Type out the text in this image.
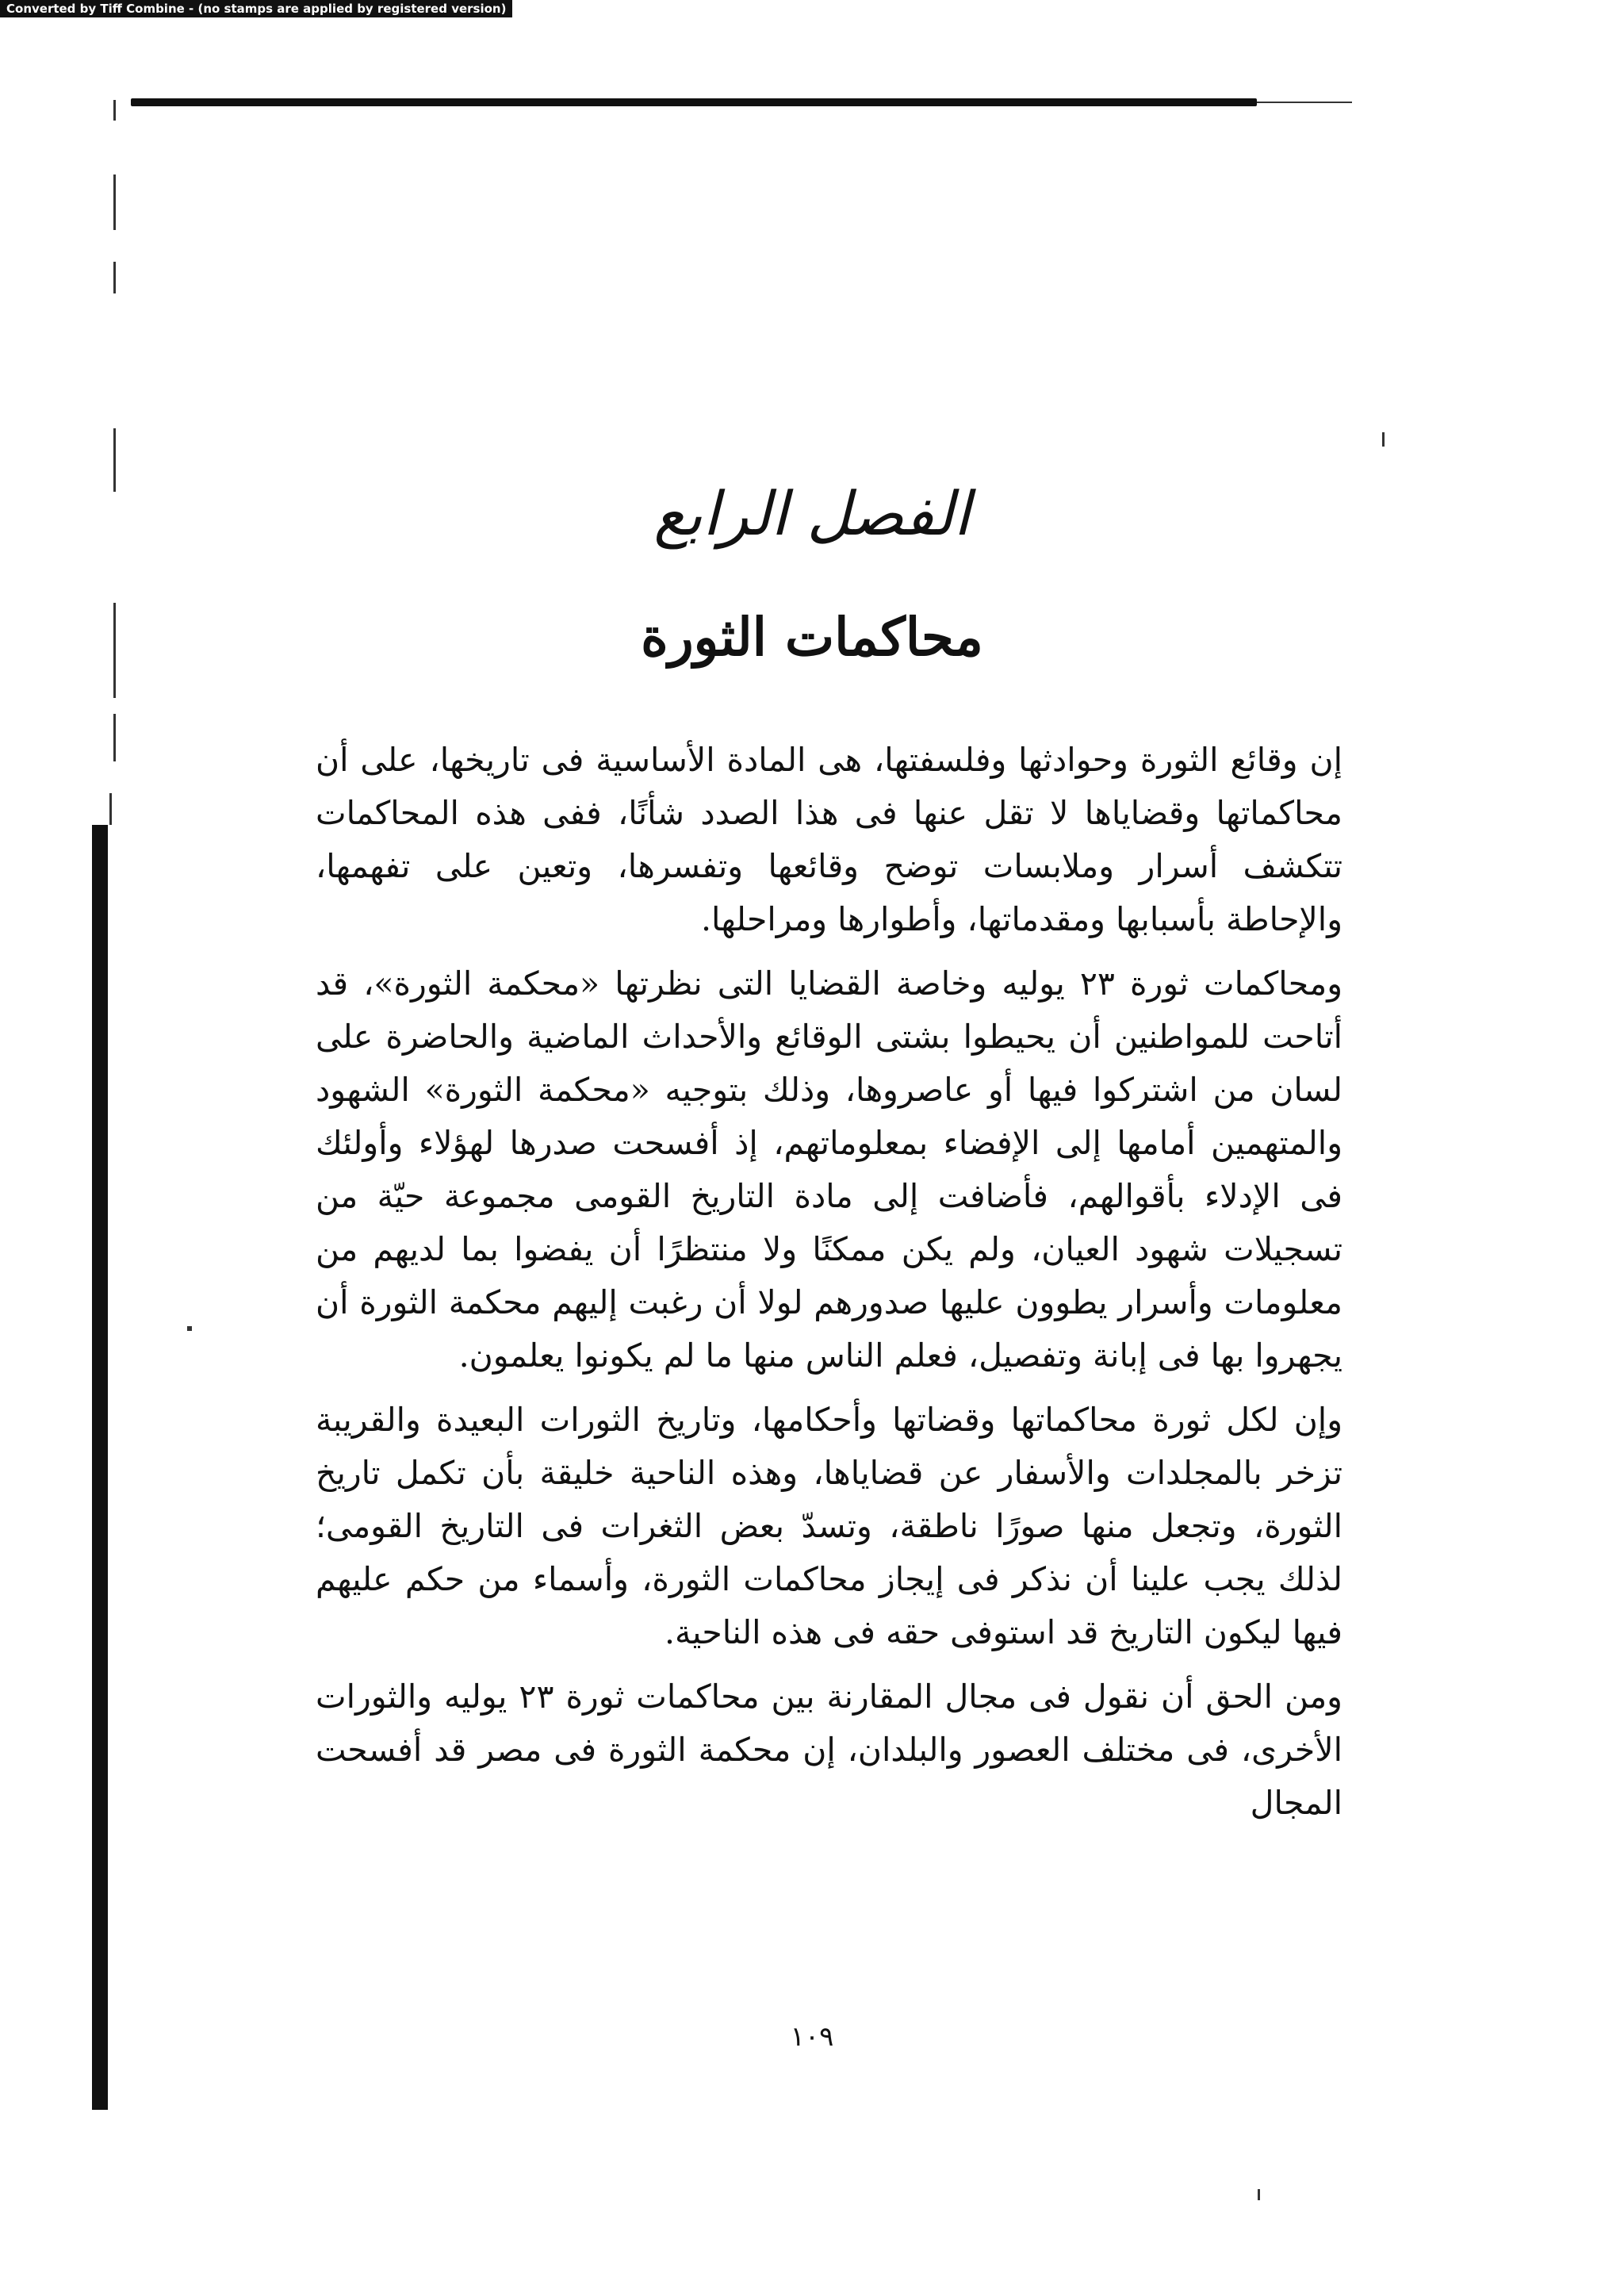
Converted by Tiff Combine - (no stamps are applied by registered version)
الفصل الرابع
محاكمات الثورة

إن وقائع الثورة وحوادثها وفلسفتها، هى المادة الأساسية فى تاريخها، على أن محاكماتها وقضاياها لا تقل عنها فى هذا الصدد شأنًا، ففى هذه المحاكمات تتكشف أسرار وملابسات توضح وقائعها وتفسرها، وتعين على تفهمها، والإحاطة بأسبابها ومقدماتها، وأطوارها ومراحلها.

ومحاكمات ثورة ٢٣ يوليه وخاصة القضايا التى نظرتها «محكمة الثورة»، قد أتاحت للمواطنين أن يحيطوا بشتى الوقائع والأحداث الماضية والحاضرة على لسان من اشتركوا فيها أو عاصروها، وذلك بتوجيه «محكمة الثورة» الشهود والمتهمين أمامها إلى الإفضاء بمعلوماتهم، إذ أفسحت صدرها لهؤلاء وأولئك فى الإدلاء بأقوالهم، فأضافت إلى مادة التاريخ القومى مجموعة حيّة من تسجيلات شهود العيان، ولم يكن ممكنًا ولا منتظرًا أن يفضوا بما لديهم من معلومات وأسرار يطوون عليها صدورهم لولا أن رغبت إليهم محكمة الثورة أن يجهروا بها فى إبانة وتفصيل، فعلم الناس منها ما لم يكونوا يعلمون.

وإن لكل ثورة محاكماتها وقضاتها وأحكامها، وتاريخ الثورات البعيدة والقريبة تزخر بالمجلدات والأسفار عن قضاياها، وهذه الناحية خليقة بأن تكمل تاريخ الثورة، وتجعل منها صورًا ناطقة، وتسدّ بعض الثغرات فى التاريخ القومى؛ لذلك يجب علينا أن نذكر فى إيجاز محاكمات الثورة، وأسماء من حكم عليهم فيها ليكون التاريخ قد استوفى حقه فى هذه الناحية.

ومن الحق أن نقول فى مجال المقارنة بين محاكمات ثورة ٢٣ يوليه والثورات الأخرى، فى مختلف العصور والبلدان، إن محكمة الثورة فى مصر قد أفسحت المجال

١٠٩
